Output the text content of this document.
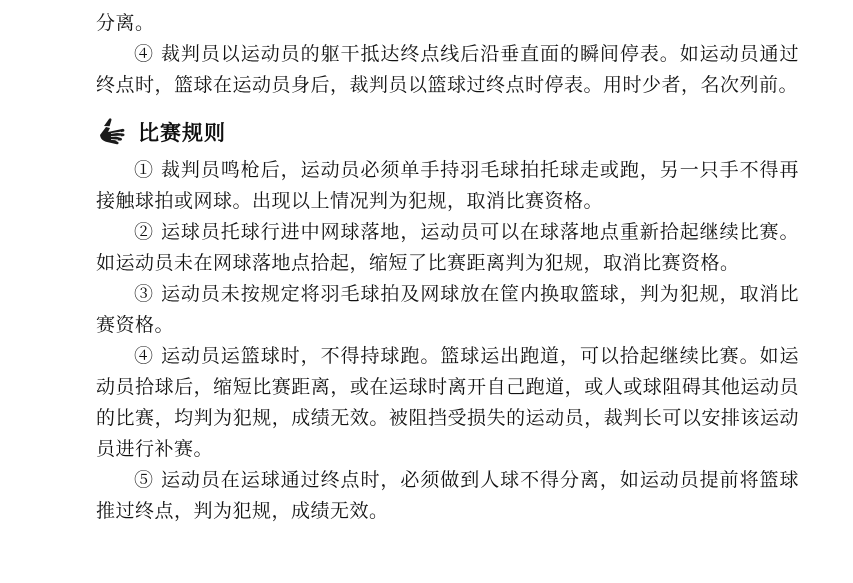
分离。

④ 裁判员以运动员的躯干抵达终点线后沿垂直面的瞬间停表。如运动员通过终点时，篮球在运动员身后，裁判员以篮球过终点时停表。用时少者，名次列前。

比赛规则

① 裁判员鸣枪后，运动员必须单手持羽毛球拍托球走或跑，另一只手不得再接触球拍或网球。出现以上情况判为犯规，取消比赛资格。

② 运球员托球行进中网球落地，运动员可以在球落地点重新拾起继续比赛。如运动员未在网球落地点拾起，缩短了比赛距离判为犯规，取消比赛资格。

③ 运动员未按规定将羽毛球拍及网球放在筐内换取篮球，判为犯规，取消比赛资格。

④ 运动员运篮球时，不得持球跑。篮球运出跑道，可以拾起继续比赛。如运动员拾球后，缩短比赛距离，或在运球时离开自己跑道，或人或球阻碍其他运动员的比赛，均判为犯规，成绩无效。被阻挡受损失的运动员，裁判长可以安排该运动员进行补赛。

⑤ 运动员在运球通过终点时，必须做到人球不得分离，如运动员提前将篮球推过终点，判为犯规，成绩无效。
